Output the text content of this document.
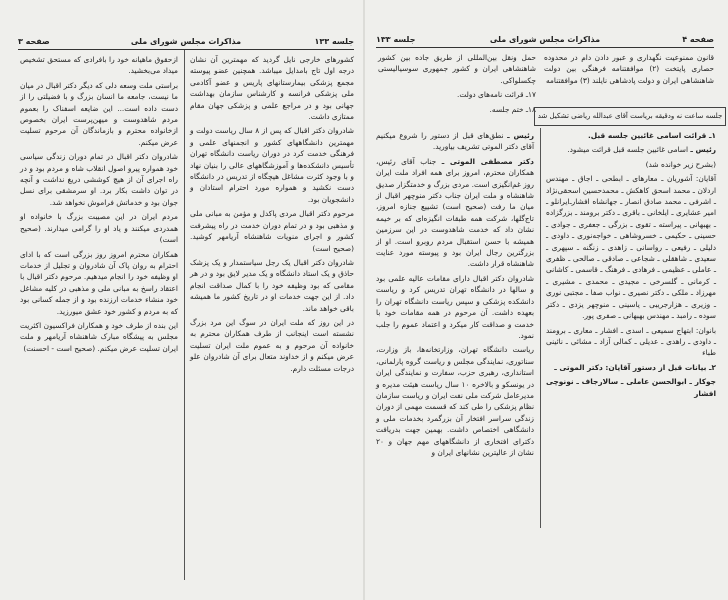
جلسه ۱۳۳
مذاکرات مجلس شورای ملی
صفحه ۳

کشورهای خارجی نایل گردید که مهمترین آن نشان درجه اول تاج بامدایل میباشد. همچنین عضو پیوسته مجمع پزشکی بیمارستانهای پاریس و عضو آکادمی ملی پزشکی فرانسه و کارشناس سازمان بهداشت جهانی بود و در مراجع علمی و پزشکی جهان مقام ممتازی داشت.

شادروان دکتر اقبال که پس از ۸ سال ریاست دولت و مهمترین دانشگاههای کشور و انجمنهای علمی و فرهنگی خدمت کرد در دوران ریاست دانشگاه تهران تأسیس دانشکده‌ها و آموزشگاههای عالی را بنیان نهاد و با وجود کثرت مشاغل هیچگاه از تدریس در دانشگاه دست نکشید و همواره مورد احترام استادان و دانشجویان بود.

مرحوم دکتر اقبال مردی پاکدل و مؤمن به مبانی ملی و مذهبی بود و در تمام دوران خدمت در راه پیشرفت کشور و اجرای منویات شاهنشاه آریامهر کوشید. (صحیح است)

شادروان دکتر اقبال یک رجل سیاستمدار و یک پزشک حاذق و یک استاد دانشگاه و یک مدیر لایق بود و در هر مقامی که بود وظیفه خود را با کمال صداقت انجام داد. از این جهت خدمات او در تاریخ کشور ما همیشه باقی خواهد ماند.

در این روز که ملت ایران در سوگ این مرد بزرگ نشسته است اینجانب از طرف همکاران محترم به خانواده آن مرحوم و به عموم ملت ایران تسلیت عرض میکنم و از خداوند متعال برای آن شادروان علو درجات مسئلت دارم.

ازحقوق ماهیانه خود را بافرادی که مستحق تشخیص میداد می‌بخشید.

براستی ملت وسعه دلی که دیگر دکتر اقبال در میان ما نیست، جامعه ما انسان بزرگ و با فضیلتی را از دست داده است... این ضایعه اسفناک را بعموم مردم شاهدوست و میهن‌پرست ایران بخصوص ازخانواده محترم و بازماندگان آن مرحوم تسلیت عرض میکنم.

شادروان دکتر اقبال در تمام دوران زندگی سیاسی خود همواره پیرو اصول انقلاب شاه و مردم بود و در راه اجرای آن از هیچ کوششی دریغ نداشت و آنچه در توان داشت بکار برد. او سرمشقی برای نسل جوان بود و خدماتش فراموش نخواهد شد.

مردم ایران در این مصیبت بزرگ با خانواده او همدردی میکنند و یاد او را گرامی میدارند. (صحیح است)

همکاران محترم امروز روز بزرگی است که با ادای احترام به روان پاک آن شادروان و تجلیل از خدمات او وظیفه خود را انجام میدهیم. مرحوم دکتر اقبال با اعتقاد راسخ به مبانی ملی و مذهبی در کلیه مشاغل خود منشاء خدمات ارزنده بود و از جمله کسانی بود که به مردم و کشور خود عشق میورزید.

این بنده از طرف خود و همکاران فراکسیون اکثریت مجلس به پیشگاه مبارک شاهنشاه آریامهر و ملت ایران تسلیت عرض میکنم. (صحیح است - احسنت)

صفحه ۴
مذاکرات مجلس شورای ملی
جلسه ۱۳۳
قانون ممنوعیت نگهداری و عبور دادن دام در محدوده حصاری پایتخت (۲) موافقتنامه فرهنگی بین دولت شاهنشاهی ایران و دولت پادشاهی نایلند (۳) موافقتنامه

حمل ونقل بین‌المللی از طریق جاده بین کشور شاهنشاهی ایران و کشور جمهوری سوسیالیستی چکسلواکی.

۱۷ـ قرائت نامه‌های دولت.

۱۸ـ ختم جلسه.

جلسه ساعت نه ودقیقه بریاست آقای عبدالله ریاضی تشکیل شد

۱ـ قرائت اسامی غائبین جلسه قبل.

رئیس ـ اسامی غائبین جلسه قبل قرائت میشود.

(بشرح زیر خوانده شد)

آقایان: آشوریان ـ معارهای ـ ابطحی ـ اجاق ـ مهندس اردلان ـ محمد اسحق کاهکش ـ محمدحسین اسحقی‌نژاد ـ اشرفی ـ محمد صادق انصار ـ جهانشاه افشارـ‌ایرانلو ـ امیر عشایری ـ ایلخانی ـ باقری ـ دکتر برومند ـ بزرگزاده ـ بهبهانی ـ پیراسته ـ تقوی ـ بزرگی ـ جعفری ـ جوادی ـ حسینی ـ حکیمی ـ خسروشاهی ـ خواجه‌نوری ـ داودی ـ دلیلی ـ رفیعی ـ رواسانی ـ زاهدی ـ زنگنه ـ سپهری ـ سعیدی ـ شاهقلی ـ شجاعی ـ صادقی ـ صالحی ـ ظفری ـ عاملی ـ عظیمی ـ فرهادی ـ فرهنگ ـ قاسمی ـ کاشانی ـ کرمانی ـ گلسرخی ـ مجیدی ـ محمدی ـ مشیری ـ مهرزاد ـ ملکی ـ دکتر نصیری ـ نواب صفا ـ مجتبی نوری ـ وزیری ـ هزارجریبی ـ یاسینی ـ منوچهر یزدی ـ دکتر سوده ـ رامبد ـ مهندس بهبهانی ـ صفری پور.

بانوان: ابتهاج سمیعی ـ اسدی ـ افشار ـ معاری ـ برومند ـ داودی ـ راهدی ـ عدیلی ـ کمالی آزاد ـ مشائی ـ نائینی طباء

۲ـ بیانات قبل از دستور آقایان: دکتر الموتی ـ

جوکار ـ ابوالحسن عاملی ـ سالارجاف ـ نونوچی افشار

رئیس ـ نطق‌های قبل از دستور را شروع میکنیم آقای دکتر الموتی تشریف بیاورید.

دکتر مصطفی الموتی ـ جناب آقای رئیس، همکاران محترم، امروز برای همه افراد ملت ایران روز غم‌انگیزی است. مردی بزرگ و خدمتگزار صدیق شاهنشاه و ملت ایران جناب دکتر منوچهر اقبال از میان ما رفت (صحیح است) تشییع جنازه امروز، تاج‌گلها، شرکت همه طبقات انگیزه‌ای که بر خیمه نشان داد که خدمت شاهدوست در این سرزمین همیشه با حسن استقبال مردم روبرو است. او از بزرگترین رجال ایران بود و پیوسته مورد عنایت شاهنشاه قرار داشت.

شادروان دکتر اقبال دارای مقامات عالیه علمی بود و سالها در دانشگاه تهران تدریس کرد و ریاست دانشکده پزشکی و سپس ریاست دانشگاه تهران را بعهده داشت. آن مرحوم در همه مقامات خود با خدمت و صداقت کار میکرد و اعتماد عموم را جلب نمود.

ریاست دانشگاه تهران، وزارتخانه‌ها، باز وزارت، سناتوری، نمایندگی مجلس و ریاست گروه پارلمانی، استانداری، رهبری حزب، سفارت و نمایندگی ایران در یونسکو و بالاخره ۱۰ سال ریاست هیئت مدیره و مدیرعامل شرکت ملی نفت ایران و ریاست سازمان نظام پزشکی را طی کند که قسمت مهمی از دوران زندگی سراسر افتخار آن بزرگمرد بخدمات ملی و دانشگاهی اختصاص داشت. بهمین جهت بدریافت دکترای افتخاری از دانشگاههای مهم جهان و ۲۰ نشان از عالیترین نشانهای ایران و
